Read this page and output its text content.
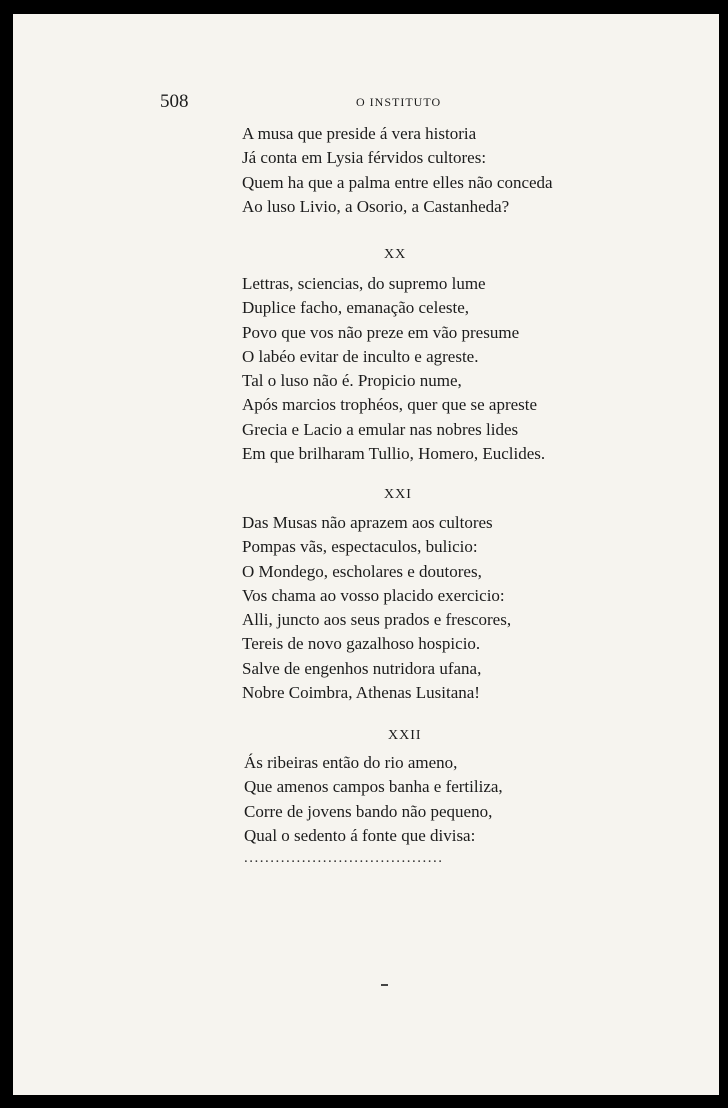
508	O INSTITUTO

A musa que preside á vera historia

Já conta em Lysia férvidos cultores:

Quem ha que a palma entre elles não conceda

Ao luso Livio, a Osorio, a Castanheda?

XX

Lettras, sciencias, do supremo lume

Duplice facho, emanação celeste,

Povo que vos não preze em vão presume

O labéo evitar de inculto e agreste.

Tal o luso não é. Propicio nume,

Após marcios trophéos, quer que se apreste

Grecia e Lacio a emular nas nobres lides

Em que brilharam Tullio, Homero, Euclides.

XXI

Das Musas não aprazem aos cultores

Pompas vãs, espectaculos, bulicio:

O Mondego, escholares e doutores,

Vos chama ao vosso placido exercicio:

Alli, juncto aos seus prados e frescores,

Tereis de novo gazalhoso hospicio.

Salve de engenhos nutridora ufana,

Nobre Coimbra, Athenas Lusitana!

XXII

Ás ribeiras então do rio ameno,

Que amenos campos banha e fertiliza,

Corre de jovens bando não pequeno,

Qual o sedento á fonte que divisa:

......................................
